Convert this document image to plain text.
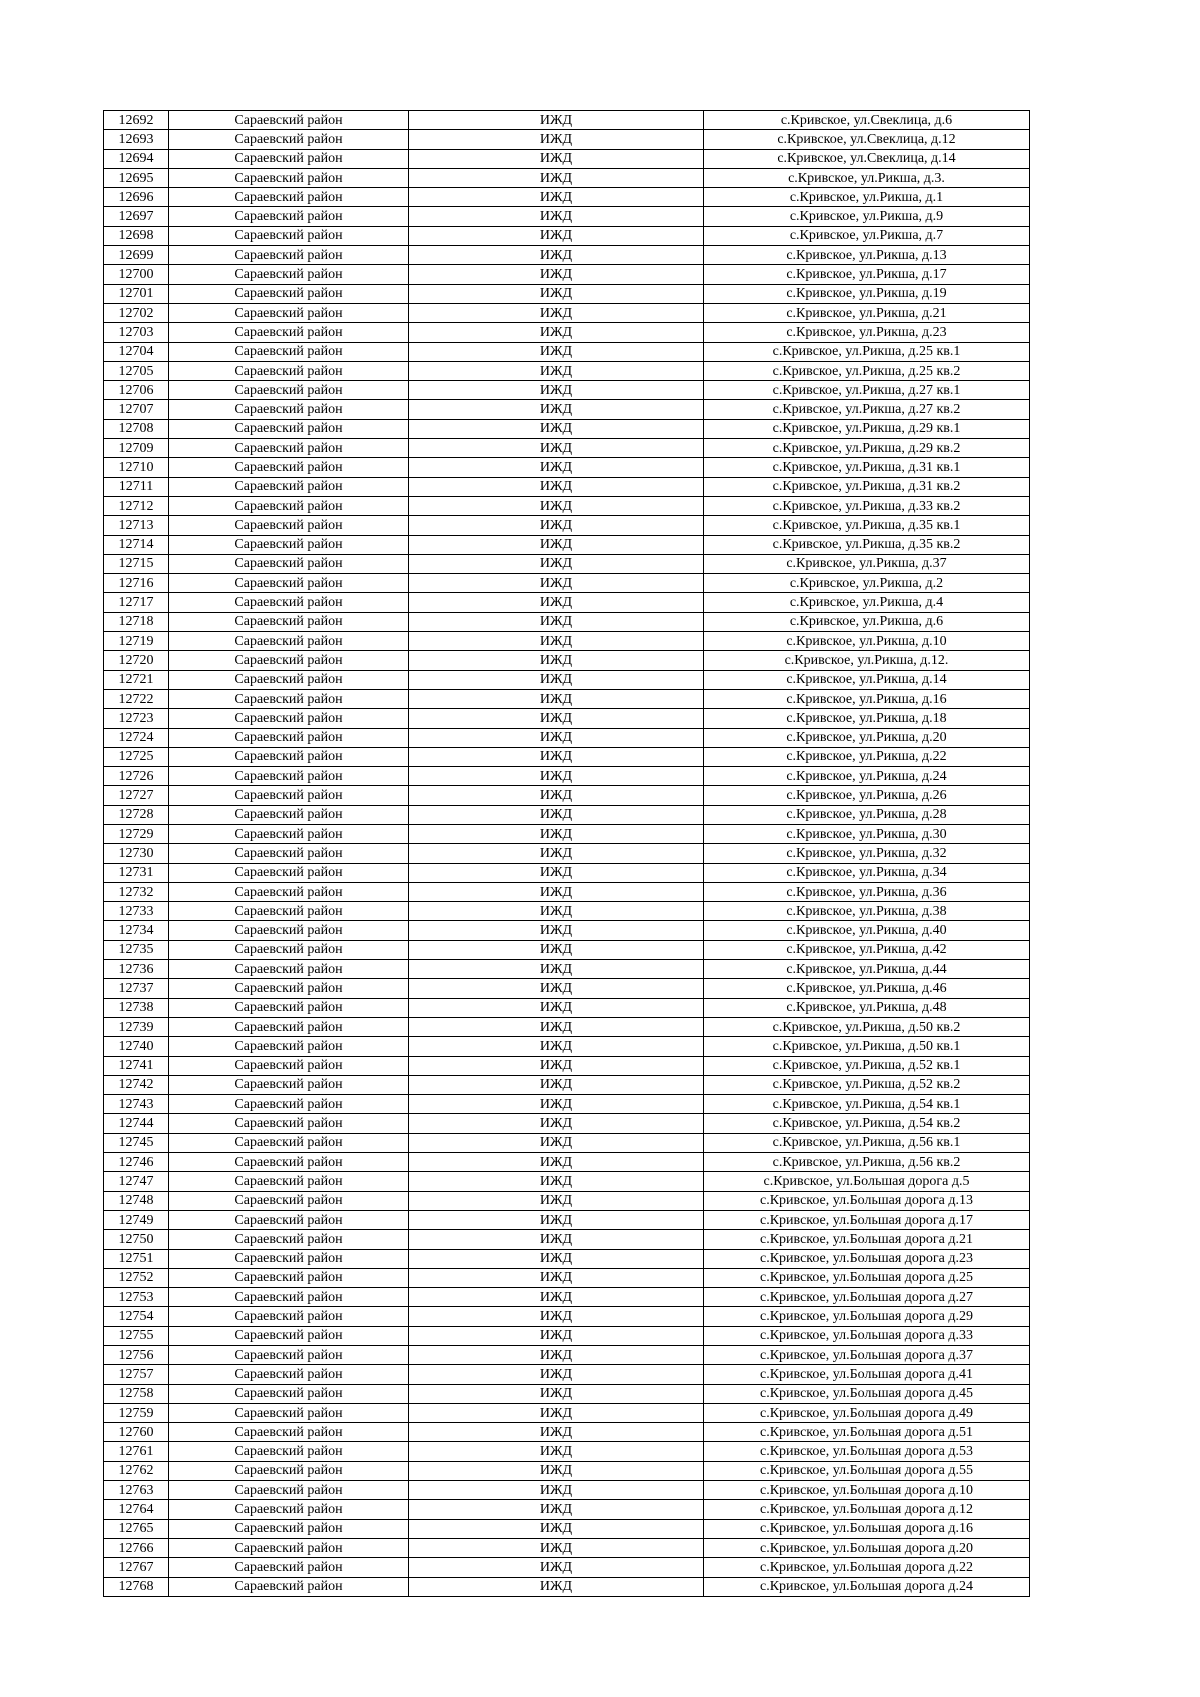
12692	Сараевский район	ИЖД	с.Кривское, ул.Свеклица, д.6
12693	Сараевский район	ИЖД	с.Кривское, ул.Свеклица, д.12
12694	Сараевский район	ИЖД	с.Кривское, ул.Свеклица, д.14
12695	Сараевский район	ИЖД	с.Кривское, ул.Рикша, д.3.
12696	Сараевский район	ИЖД	с.Кривское, ул.Рикша, д.1
12697	Сараевский район	ИЖД	с.Кривское, ул.Рикша, д.9
12698	Сараевский район	ИЖД	с.Кривское, ул.Рикша, д.7
12699	Сараевский район	ИЖД	с.Кривское, ул.Рикша, д.13
12700	Сараевский район	ИЖД	с.Кривское, ул.Рикша, д.17
12701	Сараевский район	ИЖД	с.Кривское, ул.Рикша, д.19
12702	Сараевский район	ИЖД	с.Кривское, ул.Рикша, д.21
12703	Сараевский район	ИЖД	с.Кривское, ул.Рикша, д.23
12704	Сараевский район	ИЖД	с.Кривское, ул.Рикша, д.25 кв.1
12705	Сараевский район	ИЖД	с.Кривское, ул.Рикша, д.25 кв.2
12706	Сараевский район	ИЖД	с.Кривское, ул.Рикша, д.27 кв.1
12707	Сараевский район	ИЖД	с.Кривское, ул.Рикша, д.27 кв.2
12708	Сараевский район	ИЖД	с.Кривское, ул.Рикша, д.29 кв.1
12709	Сараевский район	ИЖД	с.Кривское, ул.Рикша, д.29 кв.2
12710	Сараевский район	ИЖД	с.Кривское, ул.Рикша, д.31 кв.1
12711	Сараевский район	ИЖД	с.Кривское, ул.Рикша, д.31 кв.2
12712	Сараевский район	ИЖД	с.Кривское, ул.Рикша, д.33 кв.2
12713	Сараевский район	ИЖД	с.Кривское, ул.Рикша, д.35 кв.1
12714	Сараевский район	ИЖД	с.Кривское, ул.Рикша, д.35 кв.2
12715	Сараевский район	ИЖД	с.Кривское, ул.Рикша, д.37
12716	Сараевский район	ИЖД	с.Кривское, ул.Рикша, д.2
12717	Сараевский район	ИЖД	с.Кривское, ул.Рикша, д.4
12718	Сараевский район	ИЖД	с.Кривское, ул.Рикша, д.6
12719	Сараевский район	ИЖД	с.Кривское, ул.Рикша, д.10
12720	Сараевский район	ИЖД	с.Кривское, ул.Рикша, д.12.
12721	Сараевский район	ИЖД	с.Кривское, ул.Рикша, д.14
12722	Сараевский район	ИЖД	с.Кривское, ул.Рикша, д.16
12723	Сараевский район	ИЖД	с.Кривское, ул.Рикша, д.18
12724	Сараевский район	ИЖД	с.Кривское, ул.Рикша, д.20
12725	Сараевский район	ИЖД	с.Кривское, ул.Рикша, д.22
12726	Сараевский район	ИЖД	с.Кривское, ул.Рикша, д.24
12727	Сараевский район	ИЖД	с.Кривское, ул.Рикша, д.26
12728	Сараевский район	ИЖД	с.Кривское, ул.Рикша, д.28
12729	Сараевский район	ИЖД	с.Кривское, ул.Рикша, д.30
12730	Сараевский район	ИЖД	с.Кривское, ул.Рикша, д.32
12731	Сараевский район	ИЖД	с.Кривское, ул.Рикша, д.34
12732	Сараевский район	ИЖД	с.Кривское, ул.Рикша, д.36
12733	Сараевский район	ИЖД	с.Кривское, ул.Рикша, д.38
12734	Сараевский район	ИЖД	с.Кривское, ул.Рикша, д.40
12735	Сараевский район	ИЖД	с.Кривское, ул.Рикша, д.42
12736	Сараевский район	ИЖД	с.Кривское, ул.Рикша, д.44
12737	Сараевский район	ИЖД	с.Кривское, ул.Рикша, д.46
12738	Сараевский район	ИЖД	с.Кривское, ул.Рикша, д.48
12739	Сараевский район	ИЖД	с.Кривское, ул.Рикша, д.50 кв.2
12740	Сараевский район	ИЖД	с.Кривское, ул.Рикша, д.50 кв.1
12741	Сараевский район	ИЖД	с.Кривское, ул.Рикша, д.52 кв.1
12742	Сараевский район	ИЖД	с.Кривское, ул.Рикша, д.52 кв.2
12743	Сараевский район	ИЖД	с.Кривское, ул.Рикша, д.54 кв.1
12744	Сараевский район	ИЖД	с.Кривское, ул.Рикша, д.54 кв.2
12745	Сараевский район	ИЖД	с.Кривское, ул.Рикша, д.56 кв.1
12746	Сараевский район	ИЖД	с.Кривское, ул.Рикша, д.56 кв.2
12747	Сараевский район	ИЖД	с.Кривское, ул.Большая дорога д.5
12748	Сараевский район	ИЖД	с.Кривское, ул.Большая дорога д.13
12749	Сараевский район	ИЖД	с.Кривское, ул.Большая дорога д.17
12750	Сараевский район	ИЖД	с.Кривское, ул.Большая дорога д.21
12751	Сараевский район	ИЖД	с.Кривское, ул.Большая дорога д.23
12752	Сараевский район	ИЖД	с.Кривское, ул.Большая дорога д.25
12753	Сараевский район	ИЖД	с.Кривское, ул.Большая дорога д.27
12754	Сараевский район	ИЖД	с.Кривское, ул.Большая дорога д.29
12755	Сараевский район	ИЖД	с.Кривское, ул.Большая дорога д.33
12756	Сараевский район	ИЖД	с.Кривское, ул.Большая дорога д.37
12757	Сараевский район	ИЖД	с.Кривское, ул.Большая дорога д.41
12758	Сараевский район	ИЖД	с.Кривское, ул.Большая дорога д.45
12759	Сараевский район	ИЖД	с.Кривское, ул.Большая дорога д.49
12760	Сараевский район	ИЖД	с.Кривское, ул.Большая дорога д.51
12761	Сараевский район	ИЖД	с.Кривское, ул.Большая дорога д.53
12762	Сараевский район	ИЖД	с.Кривское, ул.Большая дорога д.55
12763	Сараевский район	ИЖД	с.Кривское, ул.Большая дорога д.10
12764	Сараевский район	ИЖД	с.Кривское, ул.Большая дорога д.12
12765	Сараевский район	ИЖД	с.Кривское, ул.Большая дорога д.16
12766	Сараевский район	ИЖД	с.Кривское, ул.Большая дорога д.20
12767	Сараевский район	ИЖД	с.Кривское, ул.Большая дорога д.22
12768	Сараевский район	ИЖД	с.Кривское, ул.Большая дорога д.24
